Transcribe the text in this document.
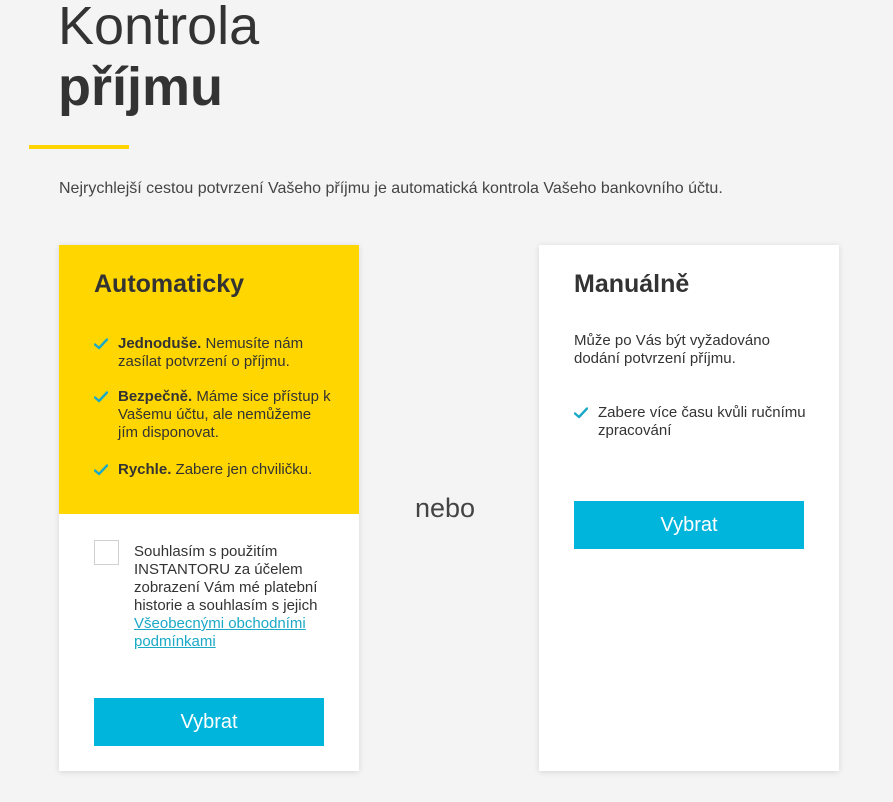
Kontrola
příjmu
Nejrychlejší cestou potvrzení Vašeho příjmu je automatická kontrola Vašeho bankovního účtu.
Automaticky
Jednoduše. Nemusíte nám zasílat potvrzení o příjmu.
Bezpečně. Máme sice přístup k Vašemu účtu, ale nemůžeme jím disponovat.
Rychle. Zabere jen chviličku.
Souhlasím s použitím INSTANTORU za účelem zobrazení Vám mé platební historie a souhlasím s jejich Všeobecnými obchodními podmínkami
Vybrat
nebo
Manuálně
Může po Vás být vyžadováno dodání potvrzení příjmu.
Zabere více času kvůli ručnímu zpracování
Vybrat
